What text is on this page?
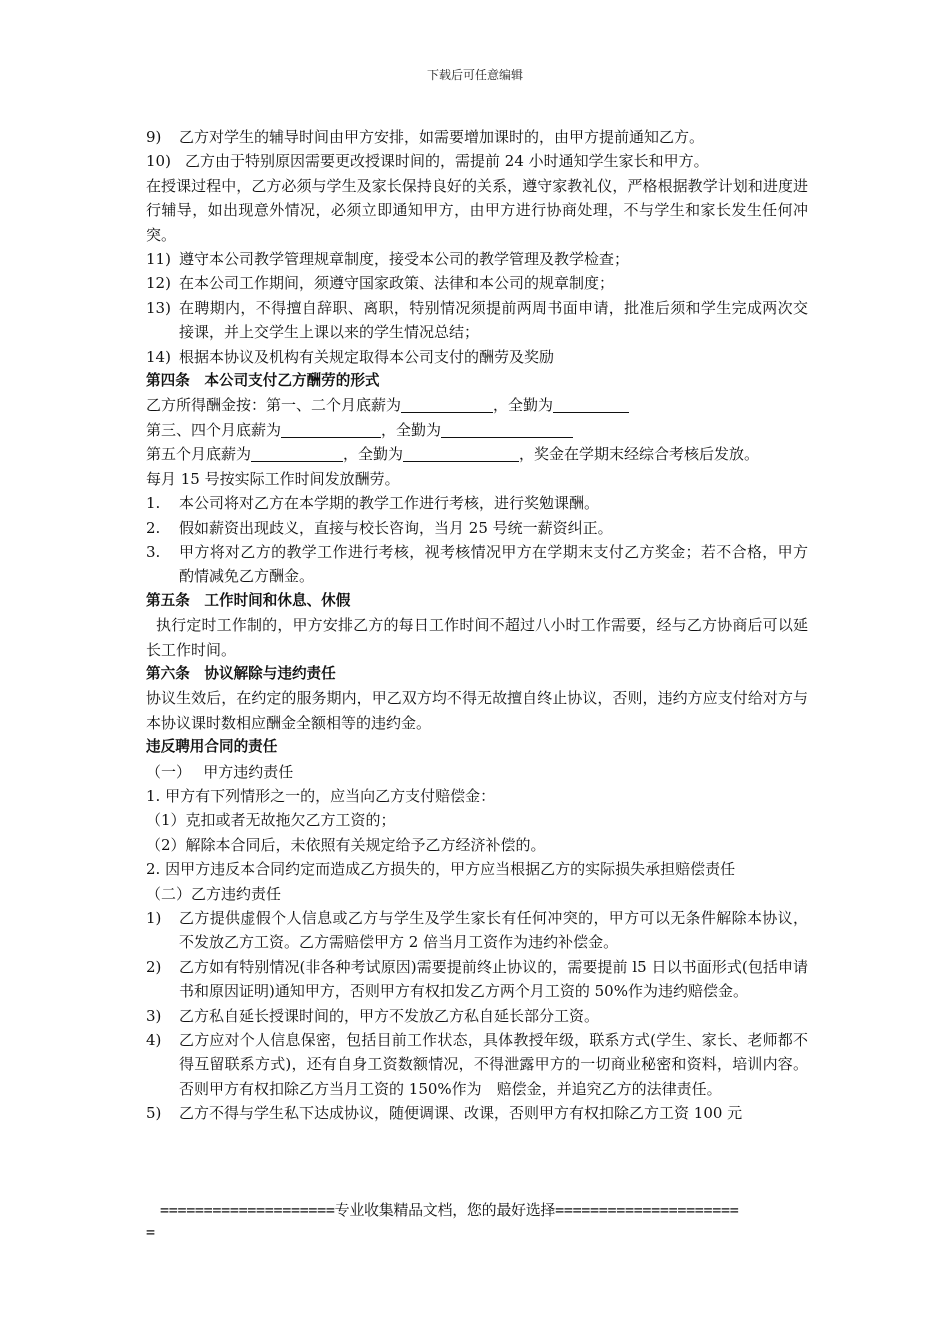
下载后可任意编辑
9)	乙方对学生的辅导时间由甲方安排，如需要增加课时的，由甲方提前通知乙方。
10) 乙方由于特别原因需要更改授课时间的，需提前 24 小时通知学生家长和甲方。
在授课过程中，乙方必须与学生及家长保持良好的关系，遵守家教礼仪，严格根据教学计划和进度进行辅导，如出现意外情况，必须立即通知甲方，由甲方进行协商处理，不与学生和家长发生任何冲突。
11) 遵守本公司教学管理规章制度，接受本公司的教学管理及教学检查；
12) 在本公司工作期间，须遵守国家政策、法律和本公司的规章制度；
13) 在聘期内，不得擅自辞职、离职，特别情况须提前两周书面申请，批准后须和学生完成两次交接课，并上交学生上课以来的学生情况总结；
14) 根据本协议及机构有关规定取得本公司支付的酬劳及奖励
第四条　本公司支付乙方酬劳的形式
乙方所得酬金按：第一、二个月底薪为	，全勤为
第三、四个月底薪为	，全勤为
第五个月底薪为	，全勤为	，奖金在学期末经综合考核后发放。
每月 15 号按实际工作时间发放酬劳。
1.	本公司将对乙方在本学期的教学工作进行考核，进行奖勉课酬。
2.	假如薪资出现歧义，直接与校长咨询，当月 25 号统一薪资纠正。
3.	甲方将对乙方的教学工作进行考核，视考核情况甲方在学期末支付乙方奖金；若不合格，甲方酌情减免乙方酬金。
第五条　工作时间和休息、休假
执行定时工作制的，甲方安排乙方的每日工作时间不超过八小时工作需要，经与乙方协商后可以延长工作时间。
第六条　协议解除与违约责任
协议生效后，在约定的服务期内，甲乙双方均不得无故擅自终止协议，否则，违约方应支付给对方与本协议课时数相应酬金全额相等的违约金。
违反聘用合同的责任
（一）　 甲方违约责任
1. 甲方有下列情形之一的，应当向乙方支付赔偿金：
（1）克扣或者无故拖欠乙方工资的；
（2）解除本合同后，未依照有关规定给予乙方经济补偿的。
2. 因甲方违反本合同约定而造成乙方损失的，甲方应当根据乙方的实际损失承担赔偿责任
（二）乙方违约责任
1)	乙方提供虚假个人信息或乙方与学生及学生家长有任何冲突的，甲方可以无条件解除本协议，不发放乙方工资。乙方需赔偿甲方 2 倍当月工资作为违约补偿金。
2)	乙方如有特别情况(非各种考试原因)需要提前终止协议的，需要提前 l5 日以书面形式(包括申请书和原因证明)通知甲方，否则甲方有权扣发乙方两个月工资的 50%作为违约赔偿金。
3)	乙方私自延长授课时间的，甲方不发放乙方私自延长部分工资。
4)	乙方应对个人信息保密，包括目前工作状态，具体教授年级，联系方式(学生、家长、老师都不得互留联系方式)，还有自身工资数额情况，不得泄露甲方的一切商业秘密和资料，培训内容。否则甲方有权扣除乙方当月工资的 150%作为　赔偿金，并追究乙方的法律责任。
5)	乙方不得与学生私下达成协议，随便调课、改课，否则甲方有权扣除乙方工资 100 元
====================专业收集精品文档，您的最好选择=====================
=
